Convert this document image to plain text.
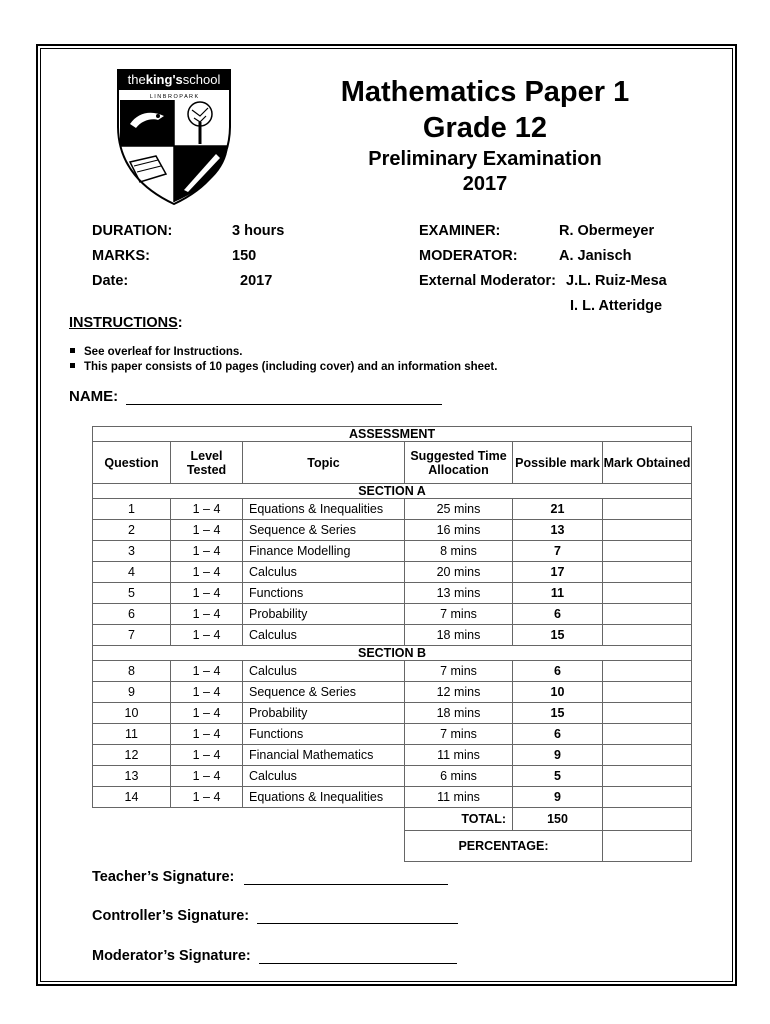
theking'sschool
L I N B R O P A R K	Mathematics Paper 1
Grade 12
Preliminary Examination
2017
DURATION:	3 hours
MARKS:	150
Date:	2017
EXAMINER:	R. Obermeyer
MODERATOR:	A. Janisch
External Moderator: J.L. Ruiz-Mesa
I. L. Atteridge
INSTRUCTIONS:
See overleaf for Instructions.
This paper consists of 10 pages (including cover) and an information sheet.
NAME:
ASSESSMENT					
Question	Level Tested	Topic	Suggested Time Allocation	Possible mark	Mark Obtained
SECTION A					
1	1 – 4	Equations & Inequalities	25 mins	21	
2	1 – 4	Sequence & Series	16 mins	13	
3	1 – 4	Finance Modelling	8 mins	7	
4	1 – 4	Calculus	20 mins	17	
5	1 – 4	Functions	13 mins	11	
6	1 – 4	Probability	7 mins	6	
7	1 – 4	Calculus	18 mins	15	
SECTION B					
8	1 – 4	Calculus	7 mins	6	
9	1 – 4	Sequence & Series	12 mins	10	
10	1 – 4	Probability	18 mins	15	
11	1 – 4	Functions	7 mins	6	
12	1 – 4	Financial Mathematics	11 mins	9	
13	1 – 4	Calculus	6 mins	5	
14	1 – 4	Equations & Inequalities	11 mins	9	
			TOTAL:	150	
			PERCENTAGE:		
Teacher’s Signature:
Controller’s Signature:
Moderator’s Signature:
